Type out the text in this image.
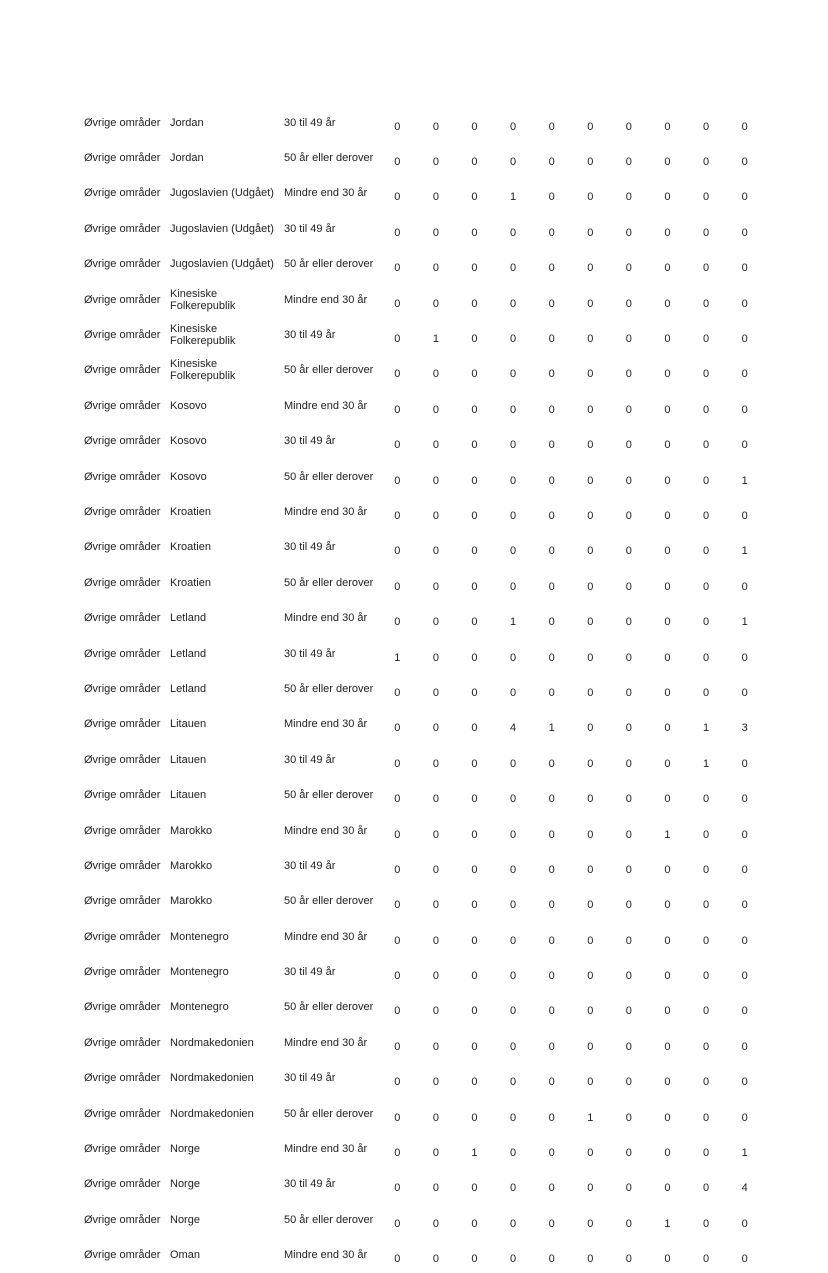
Øvrige områder	Jordan	30 til 49 år	0	0	0	0	0	0	0	0	0	0

Øvrige områder	Jordan	50 år eller derover	0	0	0	0	0	0	0	0	0	0

Øvrige områder	Jugoslavien (Udgået)	Mindre end 30 år	0	0	0	1	0	0	0	0	0	0

Øvrige områder	Jugoslavien (Udgået)	30 til 49 år	0	0	0	0	0	0	0	0	0	0

Øvrige områder	Jugoslavien (Udgået)	50 år eller derover	0	0	0	0	0	0	0	0	0	0

Øvrige områder	Kinesiske Folkerepublik	Mindre end 30 år	0	0	0	0	0	0	0	0	0	0

Øvrige områder	Kinesiske Folkerepublik	30 til 49 år	0	1	0	0	0	0	0	0	0	0

Øvrige områder	Kinesiske Folkerepublik	50 år eller derover	0	0	0	0	0	0	0	0	0	0

Øvrige områder	Kosovo	Mindre end 30 år	0	0	0	0	0	0	0	0	0	0

Øvrige områder	Kosovo	30 til 49 år	0	0	0	0	0	0	0	0	0	0

Øvrige områder	Kosovo	50 år eller derover	0	0	0	0	0	0	0	0	0	1

Øvrige områder	Kroatien	Mindre end 30 år	0	0	0	0	0	0	0	0	0	0

Øvrige områder	Kroatien	30 til 49 år	0	0	0	0	0	0	0	0	0	1

Øvrige områder	Kroatien	50 år eller derover	0	0	0	0	0	0	0	0	0	0

Øvrige områder	Letland	Mindre end 30 år	0	0	0	1	0	0	0	0	0	1

Øvrige områder	Letland	30 til 49 år	1	0	0	0	0	0	0	0	0	0

Øvrige områder	Letland	50 år eller derover	0	0	0	0	0	0	0	0	0	0

Øvrige områder	Litauen	Mindre end 30 år	0	0	0	4	1	0	0	0	1	3

Øvrige områder	Litauen	30 til 49 år	0	0	0	0	0	0	0	0	1	0

Øvrige områder	Litauen	50 år eller derover	0	0	0	0	0	0	0	0	0	0

Øvrige områder	Marokko	Mindre end 30 år	0	0	0	0	0	0	0	1	0	0

Øvrige områder	Marokko	30 til 49 år	0	0	0	0	0	0	0	0	0	0

Øvrige områder	Marokko	50 år eller derover	0	0	0	0	0	0	0	0	0	0

Øvrige områder	Montenegro	Mindre end 30 år	0	0	0	0	0	0	0	0	0	0

Øvrige områder	Montenegro	30 til 49 år	0	0	0	0	0	0	0	0	0	0

Øvrige områder	Montenegro	50 år eller derover	0	0	0	0	0	0	0	0	0	0

Øvrige områder	Nordmakedonien	Mindre end 30 år	0	0	0	0	0	0	0	0	0	0

Øvrige områder	Nordmakedonien	30 til 49 år	0	0	0	0	0	0	0	0	0	0

Øvrige områder	Nordmakedonien	50 år eller derover	0	0	0	0	0	1	0	0	0	0

Øvrige områder	Norge	Mindre end 30 år	0	0	1	0	0	0	0	0	0	1

Øvrige områder	Norge	30 til 49 år	0	0	0	0	0	0	0	0	0	4

Øvrige områder	Norge	50 år eller derover	0	0	0	0	0	0	0	1	0	0

Øvrige områder	Oman	Mindre end 30 år	0	0	0	0	0	0	0	0	0	0
